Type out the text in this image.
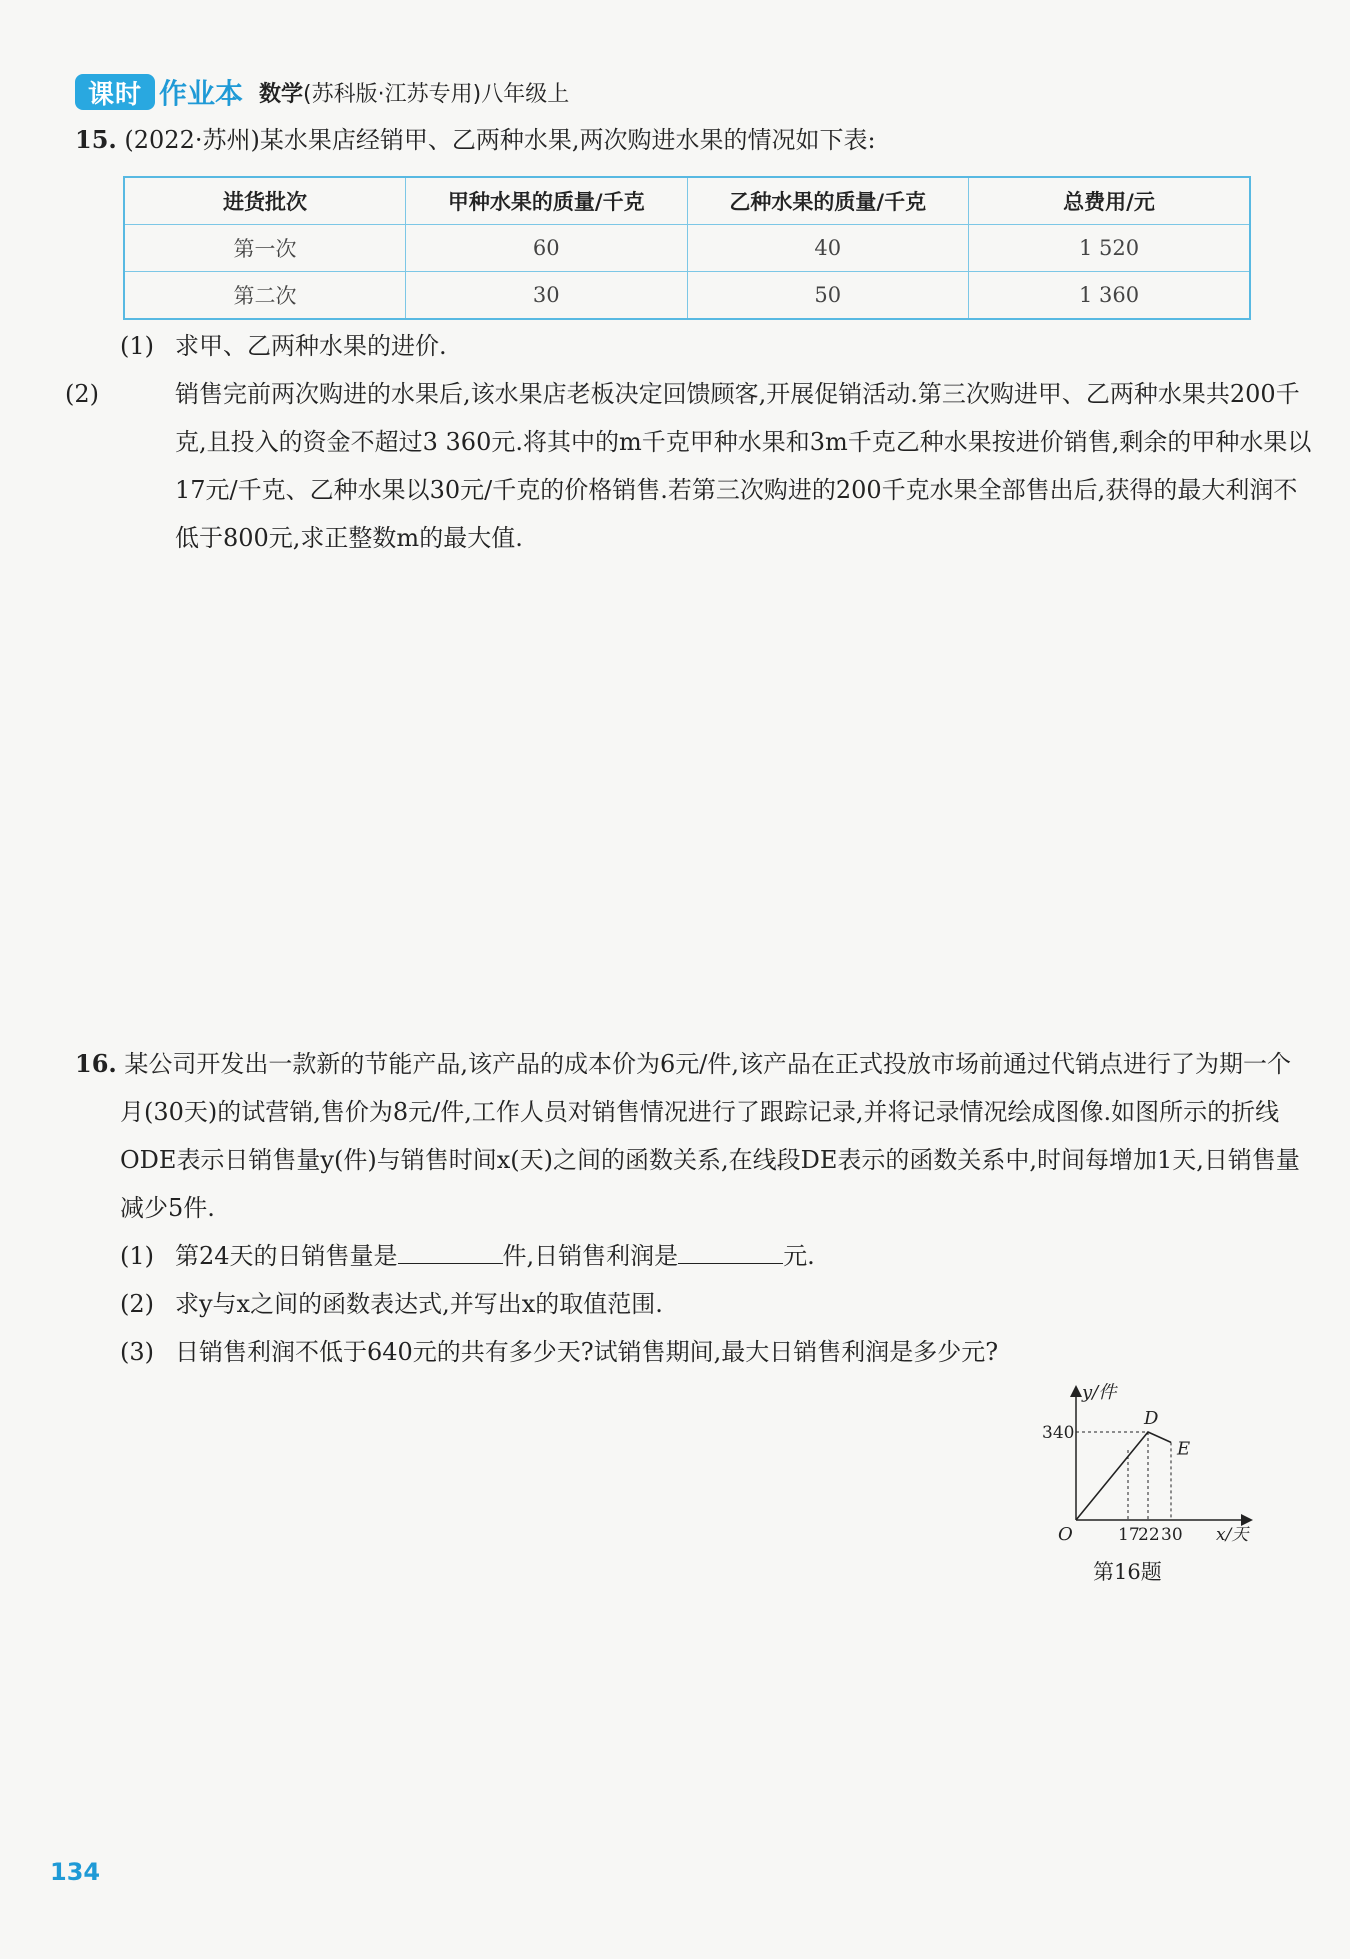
课时 作业本 数学(苏科版·江苏专用)八年级上
15. (2022·苏州)某水果店经销甲、乙两种水果,两次购进水果的情况如下表:
进货批次	甲种水果的质量/千克	乙种水果的质量/千克	总费用/元
第一次	60	40	1 520
第二次	30	50	1 360
(1) 求甲、乙两种水果的进价.
(2)	销售完前两次购进的水果后,该水果店老板决定回馈顾客,开展促销活动.第三次购进甲、乙两种水果共200千克,且投入的资金不超过3 360元.将其中的m千克甲种水果和3m千克乙种水果按进价销售,剩余的甲种水果以17元/千克、乙种水果以30元/千克的价格销售.若第三次购进的200千克水果全部售出后,获得的最大利润不低于800元,求正整数m的最大值.
16. 某公司开发出一款新的节能产品,该产品的成本价为6元/件,该产品在正式投放市场前通过代销点进行了为期一个月(30天)的试营销,售价为8元/件,工作人员对销售情况进行了跟踪记录,并将记录情况绘成图像.如图所示的折线ODE表示日销售量y(件)与销售时间x(天)之间的函数关系,在线段DE表示的函数关系中,时间每增加1天,日销售量减少5件.
(1) 第24天的日销售量是	件,日销售利润是	元.
(2) 求y与x之间的函数表达式,并写出x的取值范围.
(3) 日销售利润不低于640元的共有多少天?试销售期间,最大日销售利润是多少元?
y/件
x/天
O
D
E
340
17
22 30
第16题
134
